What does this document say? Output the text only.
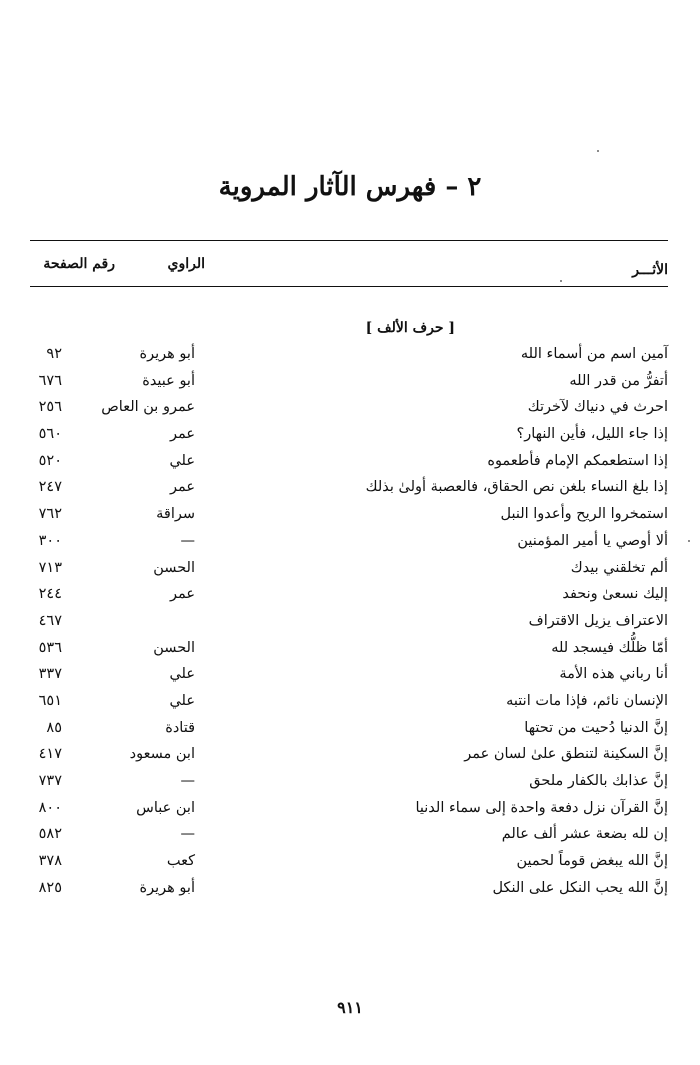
٢ – فهرس الآثار المروية
الأثـــر
الراوي
رقم الصفحة
[ حرف الألف ]
آمين اسم من أسماء الله
أبو هريرة
٩٢
أتفرُّ من قدر الله
أبو عبيدة
٦٧٦
احرث في دنياك لآخرتك
عمرو بن العاص
٢٥٦
إذا جاء الليل، فأين النهار؟
عمر
٥٦٠
إذا استطعمكم الإمام فأطعموه
علي
٥٢٠
إذا بلغ النساء بلغن نص الحقاق، فالعصبة أولىٰ بذلك
عمر
٢٤٧
استمخروا الريح وأعدوا النبل
سراقة
٧٦٢
ألا أوصي يا أمير المؤمنين
—
٣٠٠
ألم تخلقني بيدك
الحسن
٧١٣
إليك نسعىٰ ونحفد
عمر
٢٤٤
الاعتراف يزيل الاقتراف
٤٦٧
أمّا ظلُّك فيسجد لله
الحسن
٥٣٦
أنا رباني هذه الأمة
علي
٣٣٧
الإنسان نائم، فإذا مات انتبه
علي
٦٥١
إنَّ الدنيا دُحيت من تحتها
قتادة
٨٥
إنَّ السكينة لتنطق علىٰ لسان عمر
ابن مسعود
٤١٧
إنَّ عذابك بالكفار ملحق
—
٧٣٧
إنَّ القرآن نزل دفعة واحدة إلى سماء الدنيا
ابن عباس
٨٠٠
إن لله بضعة عشر ألف عالم
—
٥٨٢
إنَّ الله يبغض قوماً لحمين
كعب
٣٧٨
إنَّ الله يحب النكل على النكل
أبو هريرة
٨٢٥
٩١١
